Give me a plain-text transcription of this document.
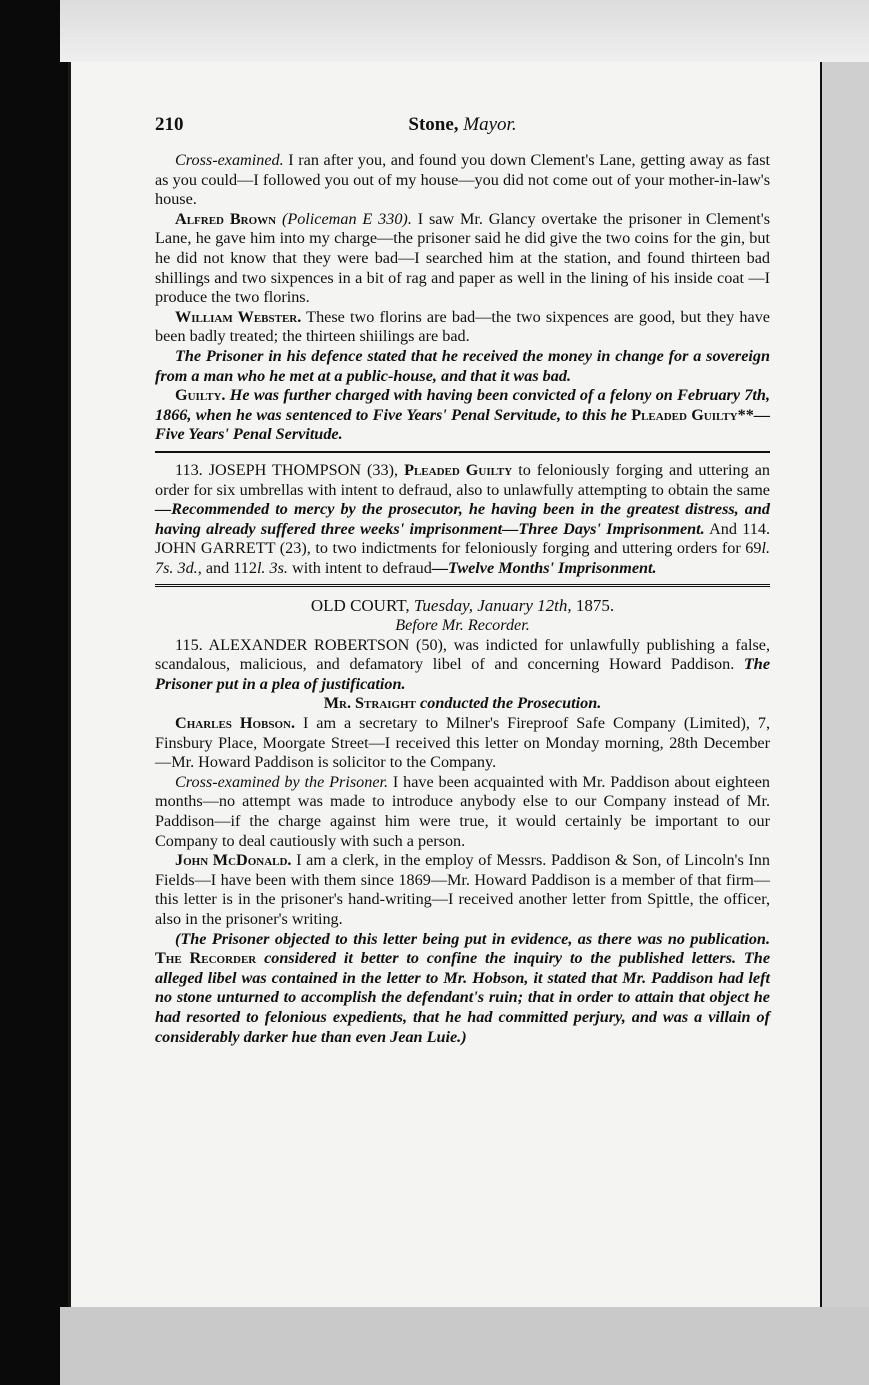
210	Stone, Mayor.

Cross-examined. I ran after you, and found you down Clement's Lane, getting away as fast as you could—I followed you out of my house—you did not come out of your mother-in-law's house.

Alfred Brown (Policeman E 330). I saw Mr. Glancy overtake the prisoner in Clement's Lane, he gave him into my charge—the prisoner said he did give the two coins for the gin, but he did not know that they were bad—I searched him at the station, and found thirteen bad shillings and two sixpences in a bit of rag and paper as well in the lining of his inside coat —I produce the two florins.

William Webster. These two florins are bad—the two sixpences are good, but they have been badly treated; the thirteen shiilings are bad.

The Prisoner in his defence stated that he received the money in change for a sovereign from a man who he met at a public-house, and that it was bad.

Guilty. He was further charged with having been convicted of a felony on February 7th, 1866, when he was sentenced to Five Years' Penal Servitude, to this he Pleaded Guilty**—Five Years' Penal Servitude.

113. JOSEPH THOMPSON (33), Pleaded Guilty to feloniously forging and uttering an order for six umbrellas with intent to defraud, also to unlawfully attempting to obtain the same—Recommended to mercy by the prosecutor, he having been in the greatest distress, and having already suffered three weeks' imprisonment—Three Days' Imprisonment. And 114. JOHN GARRETT (23), to two indictments for feloniously forging and uttering orders for 69l. 7s. 3d., and 112l. 3s. with intent to defraud—Twelve Months' Imprisonment.

OLD COURT, Tuesday, January 12th, 1875.

Before Mr. Recorder.

115. ALEXANDER ROBERTSON (50), was indicted for unlawfully publishing a false, scandalous, malicious, and defamatory libel of and concerning Howard Paddison. The Prisoner put in a plea of justification.

Mr. Straight conducted the Prosecution.

Charles Hobson. I am a secretary to Milner's Fireproof Safe Company (Limited), 7, Finsbury Place, Moorgate Street—I received this letter on Monday morning, 28th December—Mr. Howard Paddison is solicitor to the Company.

Cross-examined by the Prisoner. I have been acquainted with Mr. Paddison about eighteen months—no attempt was made to introduce anybody else to our Company instead of Mr. Paddison—if the charge against him were true, it would certainly be important to our Company to deal cautiously with such a person.

John McDonald. I am a clerk, in the employ of Messrs. Paddison & Son, of Lincoln's Inn Fields—I have been with them since 1869—Mr. Howard Paddison is a member of that firm—this letter is in the prisoner's hand-writing—I received another letter from Spittle, the officer, also in the prisoner's writing.

(The Prisoner objected to this letter being put in evidence, as there was no publication. The Recorder considered it better to confine the inquiry to the published letters. The alleged libel was contained in the letter to Mr. Hobson, it stated that Mr. Paddison had left no stone unturned to accomplish the defendant's ruin; that in order to attain that object he had resorted to felonious expedients, that he had committed perjury, and was a villain of considerably darker hue than even Jean Luie.)
